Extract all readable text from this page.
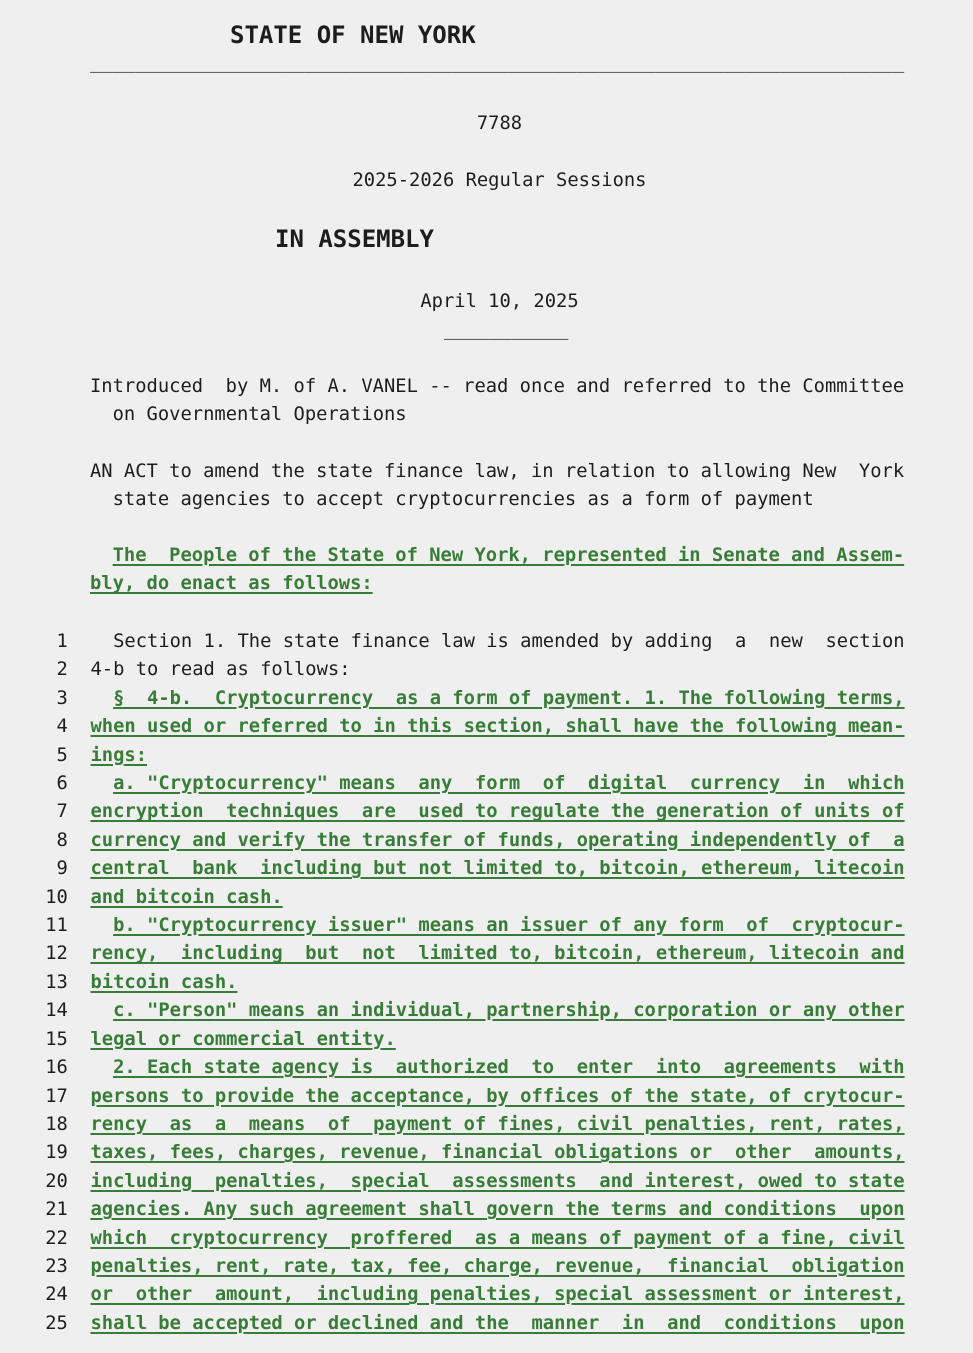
STATE OF NEW YORK
________________________________________________________________________
7788
2025-2026 Regular Sessions
IN ASSEMBLY
April 10, 2025
___________
Introduced  by M. of A. VANEL -- read once and referred to the Committee
on Governmental Operations
AN ACT to amend the state finance law, in relation to allowing New  York
state agencies to accept cryptocurrencies as a form of payment
The  People of the State of New York, represented in Senate and Assem-
bly, do enact as follows:
1    Section 1. The state finance law is amended by adding  a  new  section
2  4-b to read as follows:
3    §  4-b.  Cryptocurrency  as a form of payment. 1. The following terms,
4  when used or referred to in this section, shall have the following mean-
5  ings:
6    a. "Cryptocurrency" means  any  form  of  digital  currency  in  which
7  encryption  techniques  are  used to regulate the generation of units of
8  currency and verify the transfer of funds, operating independently of  a
9  central  bank  including but not limited to, bitcoin, ethereum, litecoin
10  and bitcoin cash.
11    b. "Cryptocurrency issuer" means an issuer of any form  of  cryptocur-
12  rency,  including  but  not  limited to, bitcoin, ethereum, litecoin and
13  bitcoin cash.
14    c. "Person" means an individual, partnership, corporation or any other
15  legal or commercial entity.
16    2. Each state agency is  authorized  to  enter  into  agreements  with
17  persons to provide the acceptance, by offices of the state, of crytocur-
18  rency  as  a  means  of  payment of fines, civil penalties, rent, rates,
19  taxes, fees, charges, revenue, financial obligations or  other  amounts,
20  including  penalties,  special  assessments  and interest, owed to state
21  agencies. Any such agreement shall govern the terms and conditions  upon
22  which  cryptocurrency  proffered  as a means of payment of a fine, civil
23  penalties, rent, rate, tax, fee, charge, revenue,  financial  obligation
24  or  other  amount,  including penalties, special assessment or interest,
25  shall be accepted or declined and the  manner  in  and  conditions  upon
